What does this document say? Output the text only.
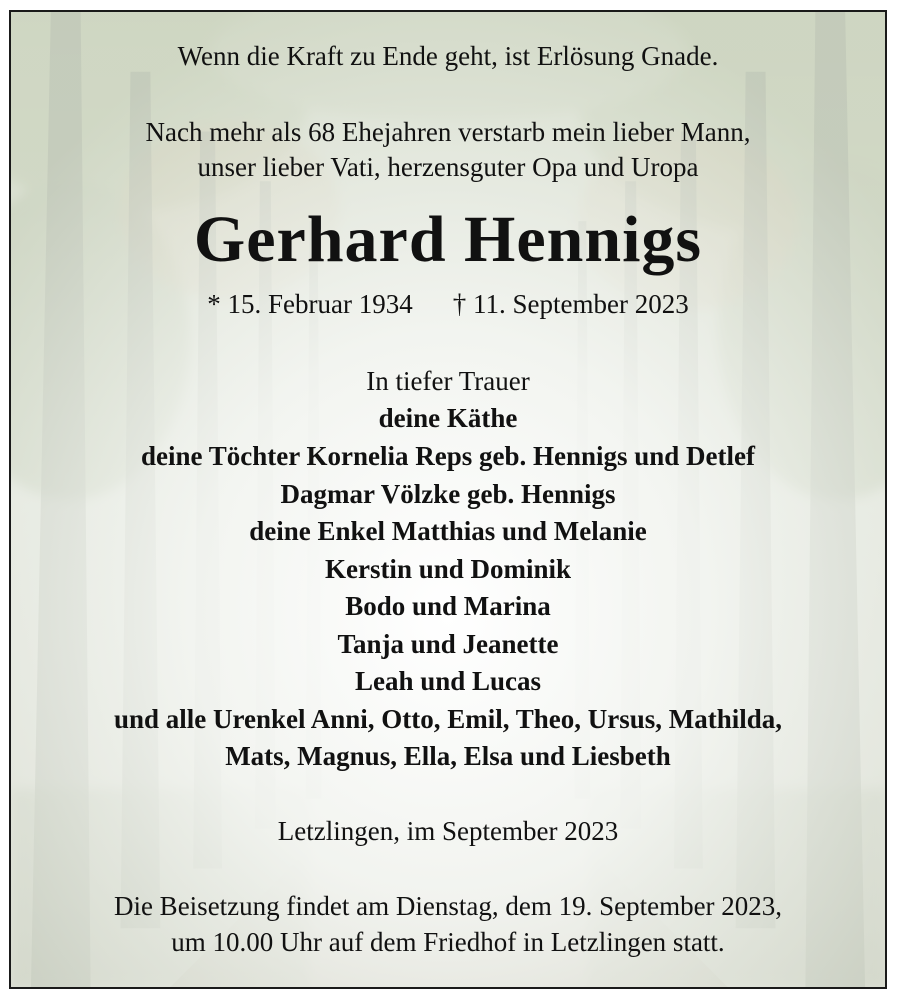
Wenn die Kraft zu Ende geht, ist Erlösung Gnade.
Nach mehr als 68 Ehejahren verstarb mein lieber Mann,
unser lieber Vati, herzensguter Opa und Uropa
Gerhard Hennigs
* 15. Februar 1934 † 11. September 2023
In tiefer Trauer
deine Käthe
deine Töchter Kornelia Reps geb. Hennigs und Detlef
Dagmar Völzke geb. Hennigs
deine Enkel Matthias und Melanie
Kerstin und Dominik
Bodo und Marina
Tanja und Jeanette
Leah und Lucas
und alle Urenkel Anni, Otto, Emil, Theo, Ursus, Mathilda,
Mats, Magnus, Ella, Elsa und Liesbeth
Letzlingen, im September 2023
Die Beisetzung findet am Dienstag, dem 19. September 2023,
um 10.00 Uhr auf dem Friedhof in Letzlingen statt.
